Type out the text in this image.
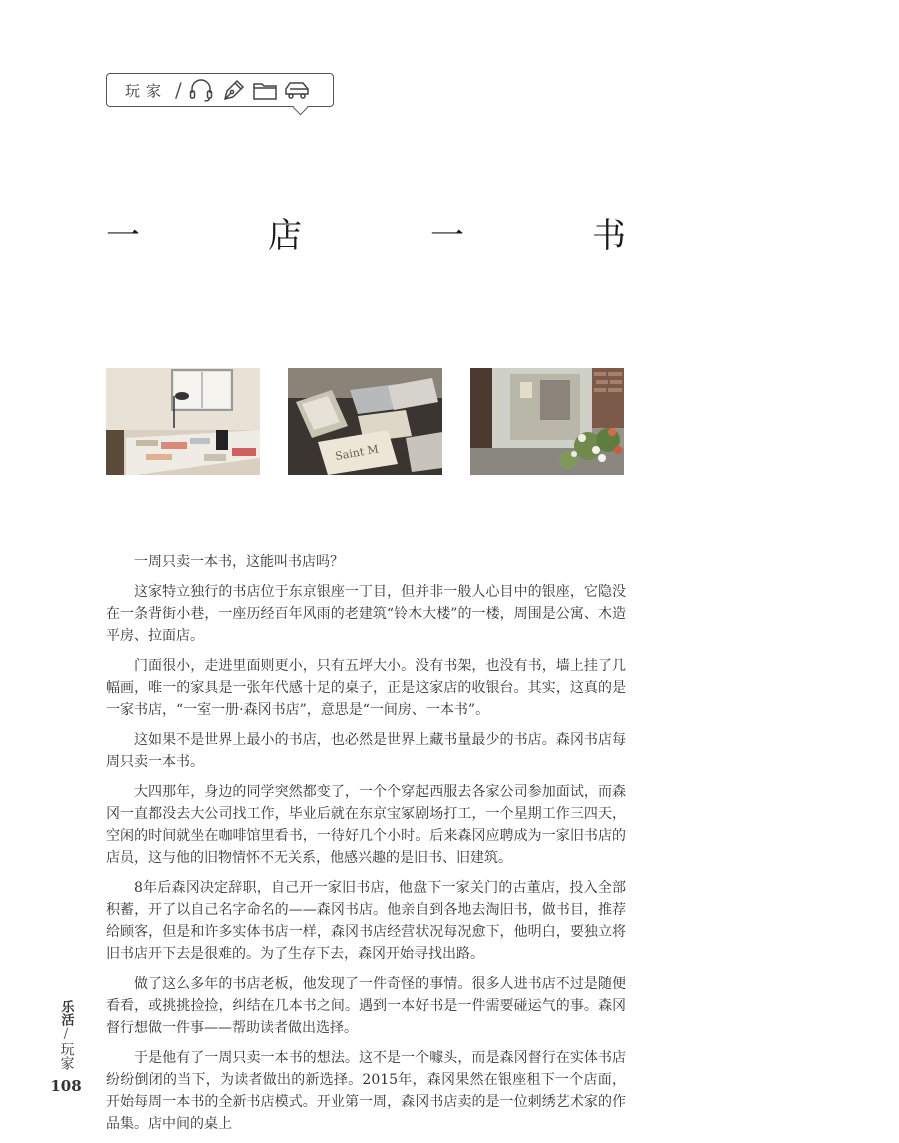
玩家 /
一	店	一	书
Saint M

一周只卖一本书，这能叫书店吗？

这家特立独行的书店位于东京银座一丁目，但并非一般人心目中的银座，它隐没在一条背街小巷，一座历经百年风雨的老建筑“铃木大楼”的一楼，周围是公寓、木造平房、拉面店。

门面很小，走进里面则更小，只有五坪大小。没有书架，也没有书，墙上挂了几幅画，唯一的家具是一张年代感十足的桌子，正是这家店的收银台。其实，这真的是一家书店，“一室一册·森冈书店”，意思是“一间房、一本书”。

这如果不是世界上最小的书店，也必然是世界上藏书量最少的书店。森冈书店每周只卖一本书。

大四那年，身边的同学突然都变了，一个个穿起西服去各家公司参加面试，而森冈一直都没去大公司找工作，毕业后就在东京宝冢剧场打工，一个星期工作三四天，空闲的时间就坐在咖啡馆里看书，一待好几个小时。后来森冈应聘成为一家旧书店的店员，这与他的旧物情怀不无关系，他感兴趣的是旧书、旧建筑。

8年后森冈决定辞职，自己开一家旧书店，他盘下一家关门的古董店，投入全部积蓄，开了以自己名字命名的——森冈书店。他亲自到各地去淘旧书，做书目，推荐给顾客，但是和许多实体书店一样，森冈书店经营状况每况愈下，他明白，要独立将旧书店开下去是很难的。为了生存下去，森冈开始寻找出路。

做了这么多年的书店老板，他发现了一件奇怪的事情。很多人进书店不过是随便看看，或挑挑捡捡，纠结在几本书之间。遇到一本好书是一件需要碰运气的事。森冈督行想做一件事——帮助读者做出选择。

于是他有了一周只卖一本书的想法。这不是一个噱头，而是森冈督行在实体书店纷纷倒闭的当下，为读者做出的新选择。2015年，森冈果然在银座租下一个店面，开始每周一本书的全新书店模式。开业第一周，森冈书店卖的是一位刺绣艺术家的作品集。店中间的桌上

乐活
/
玩家
108
